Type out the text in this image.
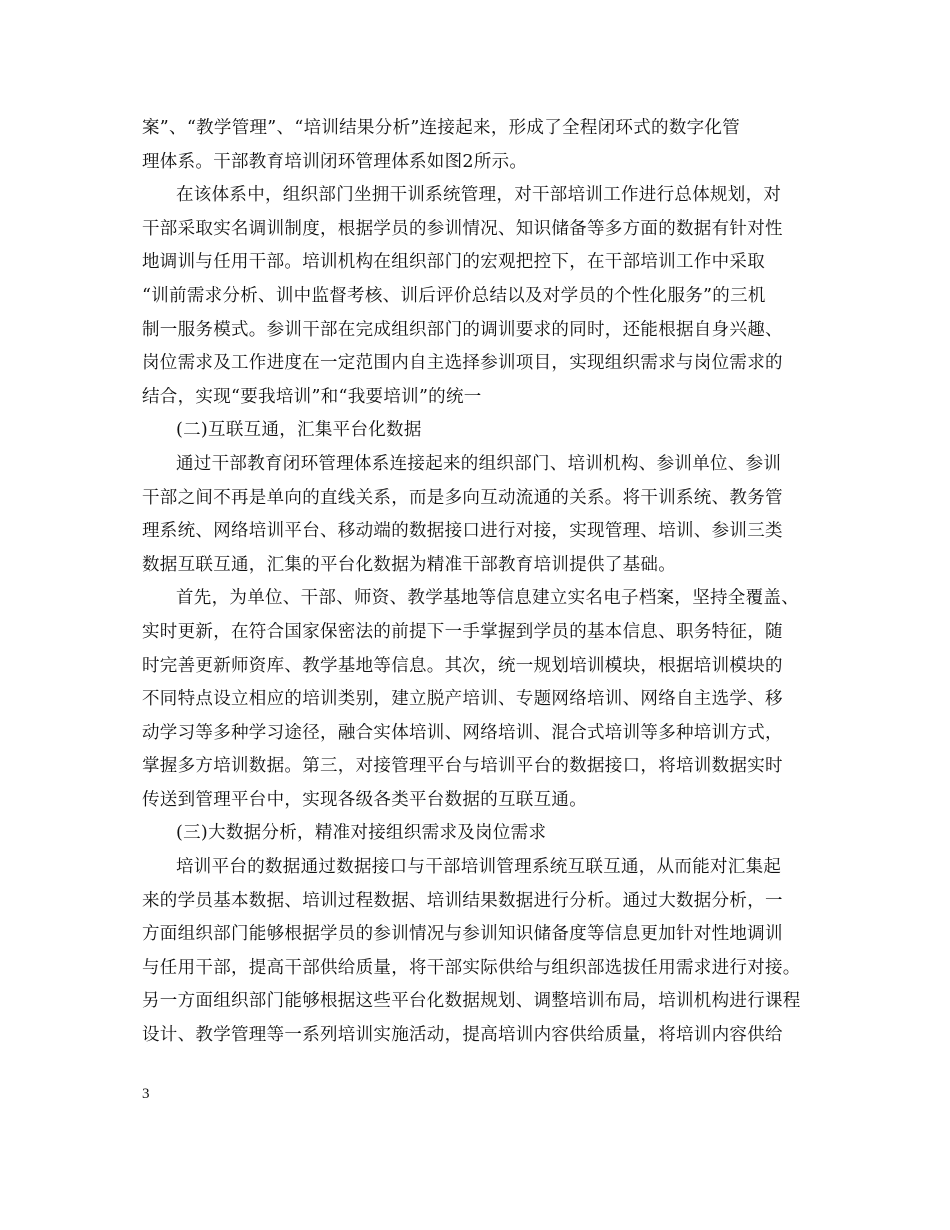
案”、“教学管理”、“培训结果分析”连接起来，形成了全程闭环式的数字化管
理体系。干部教育培训闭环管理体系如图2所示。
在该体系中，组织部门坐拥干训系统管理，对干部培训工作进行总体规划，对
干部采取实名调训制度，根据学员的参训情况、知识储备等多方面的数据有针对性
地调训与任用干部。培训机构在组织部门的宏观把控下，在干部培训工作中采取
“训前需求分析、训中监督考核、训后评价总结以及对学员的个性化服务”的三机
制一服务模式。参训干部在完成组织部门的调训要求的同时，还能根据自身兴趣、
岗位需求及工作进度在一定范围内自主选择参训项目，实现组织需求与岗位需求的
结合，实现“要我培训”和“我要培训”的统一
(二)互联互通，汇集平台化数据
通过干部教育闭环管理体系连接起来的组织部门、培训机构、参训单位、参训
干部之间不再是单向的直线关系，而是多向互动流通的关系。将干训系统、教务管
理系统、网络培训平台、移动端的数据接口进行对接，实现管理、培训、参训三类
数据互联互通，汇集的平台化数据为精准干部教育培训提供了基础。
首先，为单位、干部、师资、教学基地等信息建立实名电子档案，坚持全覆盖、
实时更新，在符合国家保密法的前提下一手掌握到学员的基本信息、职务特征，随
时完善更新师资库、教学基地等信息。其次，统一规划培训模块，根据培训模块的
不同特点设立相应的培训类别，建立脱产培训、专题网络培训、网络自主选学、移
动学习等多种学习途径，融合实体培训、网络培训、混合式培训等多种培训方式，
掌握多方培训数据。第三，对接管理平台与培训平台的数据接口，将培训数据实时
传送到管理平台中，实现各级各类平台数据的互联互通。
(三)大数据分析，精准对接组织需求及岗位需求
培训平台的数据通过数据接口与干部培训管理系统互联互通，从而能对汇集起
来的学员基本数据、培训过程数据、培训结果数据进行分析。通过大数据分析，一
方面组织部门能够根据学员的参训情况与参训知识储备度等信息更加针对性地调训
与任用干部，提高干部供给质量，将干部实际供给与组织部选拔任用需求进行对接。
另一方面组织部门能够根据这些平台化数据规划、调整培训布局，培训机构进行课程
设计、教学管理等一系列培训实施活动，提高培训内容供给质量，将培训内容供给
3
